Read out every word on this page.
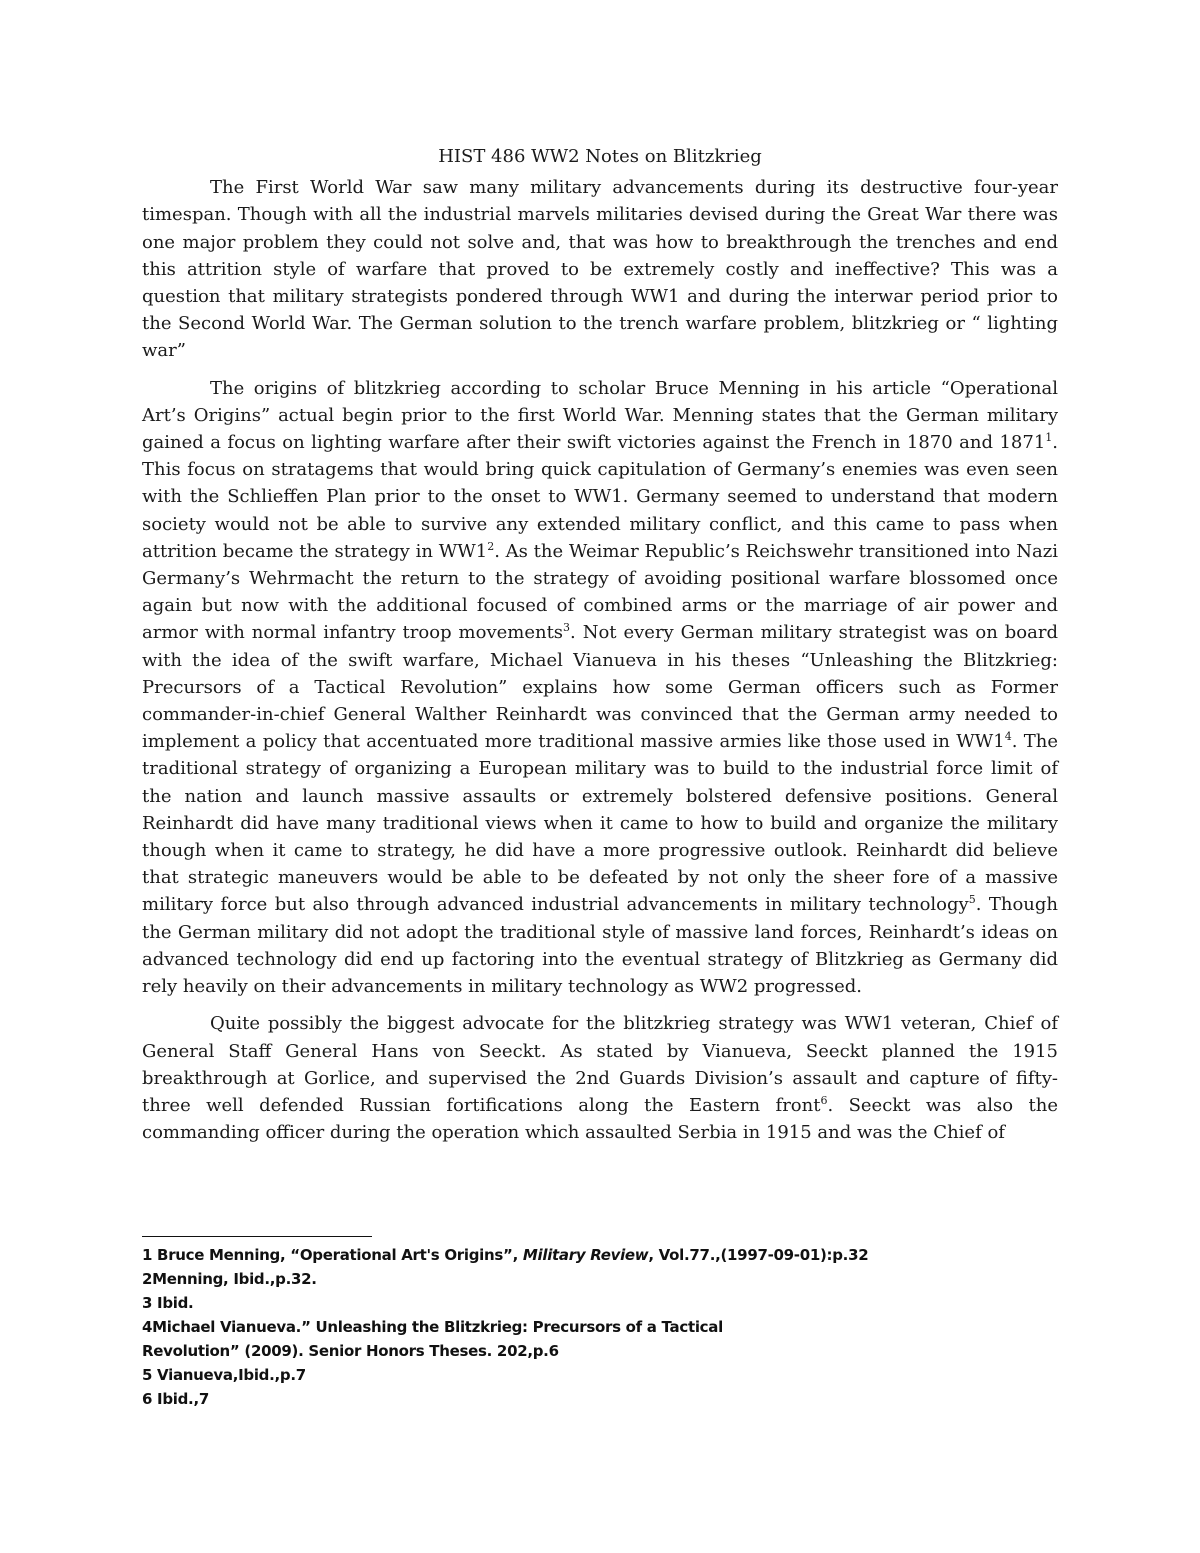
HIST 486 WW2 Notes on Blitzkrieg

The First World War saw many military advancements during its destructive four-year timespan. Though with all the industrial marvels militaries devised during the Great War there was one major problem they could not solve and, that was how to breakthrough the trenches and end this attrition style of warfare that proved to be extremely costly and ineffective? This was a question that military strategists pondered through WW1 and during the interwar period prior to the Second World War. The German solution to the trench warfare problem, blitzkrieg or “ lighting war”

The origins of blitzkrieg according to scholar Bruce Menning in his article “Operational Art’s Origins” actual begin prior to the first World War. Menning states that the German military gained a focus on lighting warfare after their swift victories against the French in 1870 and 1871$^1$. This focus on stratagems that would bring quick capitulation of Germany’s enemies was even seen with the Schlieffen Plan prior to the onset to WW1. Germany seemed to understand that modern society would not be able to survive any extended military conflict, and this came to pass when attrition became the strategy in $WW1^2$. As the Weimar Republic’s Reichswehr transitioned into Nazi Germany’s Wehrmacht the return to the strategy of avoiding positional warfare blossomed once again but now with the additional focused of combined arms or the marriage of air power and armor with normal infantry troop movements$^3$. Not every German military strategist was on board with the idea of the swift warfare, Michael Vianueva in his theses “Unleashing the Blitzkrieg: Precursors of a Tactical Revolution” explains how some German officers such as Former commander-in-chief General Walther Reinhardt was convinced that the German army needed to implement a policy that accentuated more traditional massive armies like those used in $WW1^4$. The traditional strategy of organizing a European military was to build to the industrial force limit of the nation and launch massive assaults or extremely bolstered defensive positions. General Reinhardt did have many traditional views when it came to how to build and organize the military though when it came to strategy, he did have a more progressive outlook. Reinhardt did believe that strategic maneuvers would be able to be defeated by not only the sheer fore of a massive military force but also through advanced industrial advancements in military technology$^5$. Though the German military did not adopt the traditional style of massive land forces, Reinhardt’s ideas on advanced technology did end up factoring into the eventual strategy of Blitzkrieg as Germany did rely heavily on their advancements in military technology as WW2 progressed.

Quite possibly the biggest advocate for the blitzkrieg strategy was WW1 veteran, Chief of General Staff General Hans von Seeckt. As stated by Vianueva, Seeckt planned the 1915 breakthrough at Gorlice, and supervised the 2nd Guards Division’s assault and capture of fifty-three well defended Russian fortifications along the Eastern front$^6$. Seeckt was also the commanding officer during the operation which assaulted Serbia in 1915 and was the Chief of

1 Bruce Menning, “Operational Art's Origins”, Military Review, Vol.77.,(1997-09-01):p.32
2Menning, Ibid.,p.32.
3 Ibid.
4Michael Vianueva.” Unleashing the Blitzkrieg: Precursors of a Tactical
Revolution” (2009). Senior Honors Theses. 202,p.6
5 Vianueva,Ibid.,p.7
6 Ibid.,7
